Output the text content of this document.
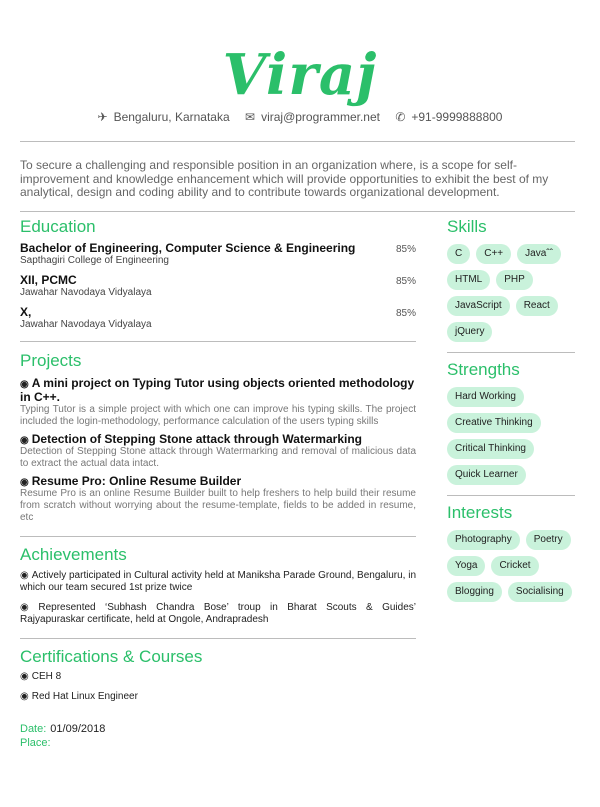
Viraj
✈ Bengaluru, Karnataka ✉ viraj@programmer.net ✆ +91-9999888800
To secure a challenging and responsible position in an organization where, is a scope for self-improvement and knowledge enhancement which will provide opportunities to exhibit the best of my analytical, design and coding ability and to contribute towards organizational development.
Education
Bachelor of Engineering, Computer Science & Engineering	85%
Sapthagiri College of Engineering
XII, PCMC	85%
Jawahar Navodaya Vidyalaya
X,	85%
Jawahar Navodaya Vidyalaya
Projects
◉ A mini project on Typing Tutor using objects oriented methodology in C++.
Typing Tutor is a simple project with which one can improve his typing skills. The project included the login-methodology, performance calculation of the users typing skills
◉ Detection of Stepping Stone attack through Watermarking
Detection of Stepping Stone attack through Watermarking and removal of malicious data to extract the actual data intact.
◉ Resume Pro: Online Resume Builder
Resume Pro is an online Resume Builder built to help freshers to help build their resume from scratch without worrying about the resume-template, fields to be added in resume, etc
Achievements
◉ Actively participated in Cultural activity held at Maniksha Parade Ground, Bengaluru, in which our team secured 1st prize twice
◉ Represented ‘Subhash Chandra Bose’ troup in Bharat Scouts & Guides’ Rajyapuraskar certificate, held at Ongole, Andrapradesh
Certifications & Courses
◉ CEH 8
◉ Red Hat Linux Engineer
Skills
C	C++	Javaˆˆ
HTML	PHP
JavaScript	React
jQuery
Strengths
Hard Working
Creative Thinking
Critical Thinking
Quick Learner
Interests
Photography	Poetry
Yoga	Cricket
Blogging	Socialising
Date: 01/09/2018
Place:
